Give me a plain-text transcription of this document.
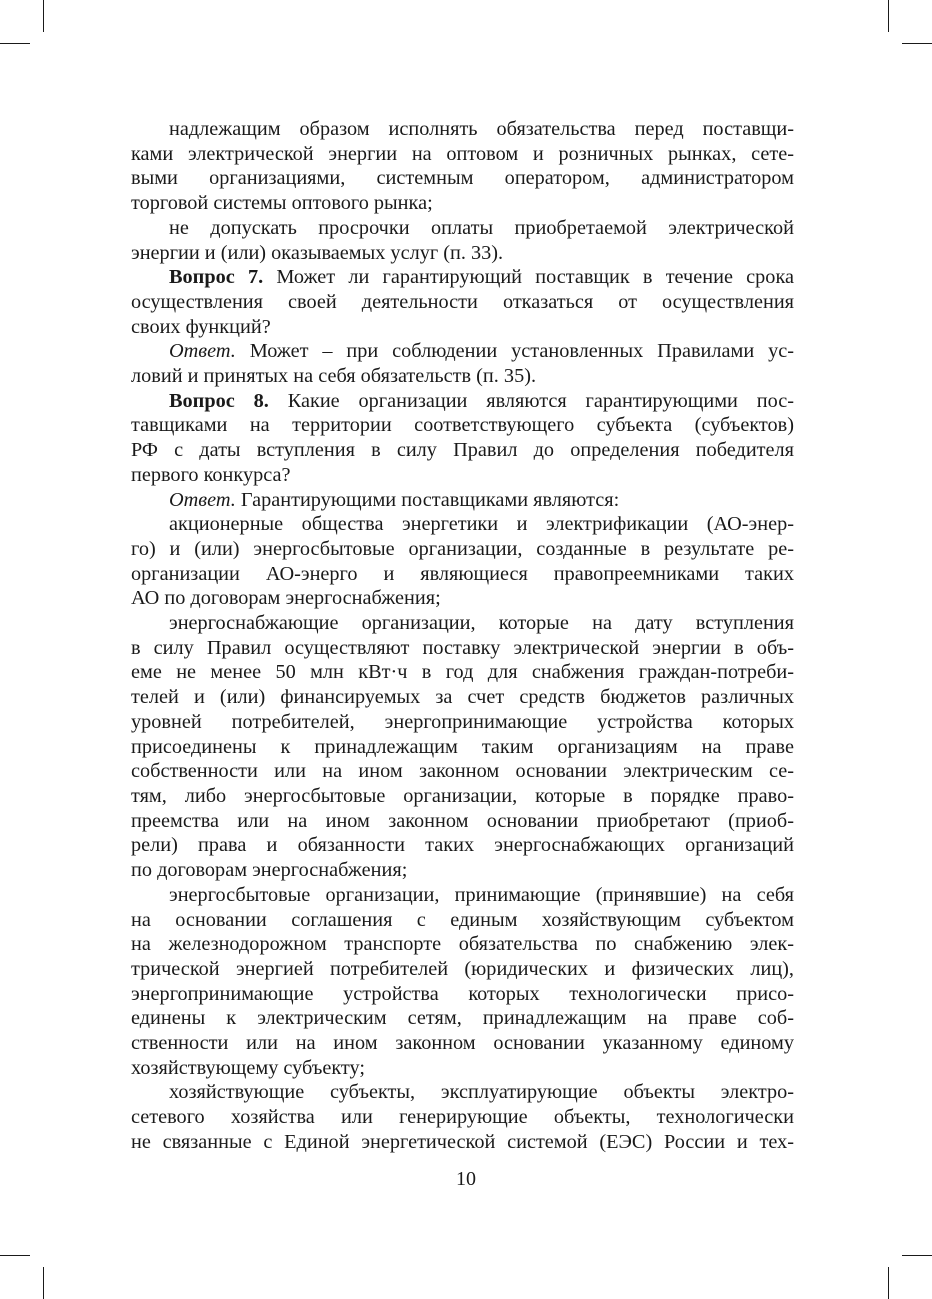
надлежащим образом исполнять обязательства перед поставщи-
ками электрической энергии на оптовом и розничных рынках, сете-
выми организациями, системным оператором, администратором
торговой системы оптового рынка;
не допускать просрочки оплаты приобретаемой электрической
энергии и (или) оказываемых услуг (п. 33).
Вопрос 7. Может ли гарантирующий поставщик в течение срока
осуществления своей деятельности отказаться от осуществления
своих функций?
Ответ. Может – при соблюдении установленных Правилами ус-
ловий и принятых на себя обязательств (п. 35).
Вопрос 8. Какие организации являются гарантирующими пос-
тавщиками на территории соответствующего субъекта (субъектов)
РФ с даты вступления в силу Правил до определения победителя
первого конкурса?
Ответ. Гарантирующими поставщиками являются:
акционерные общества энергетики и электрификации (АО-энер-
го) и (или) энергосбытовые организации, созданные в результате ре-
организации АО-энерго и являющиеся правопреемниками таких
АО по договорам энергоснабжения;
энергоснабжающие организации, которые на дату вступления
в силу Правил осуществляют поставку электрической энергии в объ-
еме не менее 50 млн кВт·ч в год для снабжения граждан-потреби-
телей и (или) финансируемых за счет средств бюджетов различных
уровней потребителей, энергопринимающие устройства которых
присоединены к принадлежащим таким организациям на праве
собственности или на ином законном основании электрическим се-
тям, либо энергосбытовые организации, которые в порядке право-
преемства или на ином законном основании приобретают (приоб-
рели) права и обязанности таких энергоснабжающих организаций
по договорам энергоснабжения;
энергосбытовые организации, принимающие (принявшие) на себя
на основании соглашения с единым хозяйствующим субъектом
на железнодорожном транспорте обязательства по снабжению элек-
трической энергией потребителей (юридических и физических лиц),
энергопринимающие устройства которых технологически присо-
единены к электрическим сетям, принадлежащим на праве соб-
ственности или на ином законном основании указанному единому
хозяйствующему субъекту;
хозяйствующие субъекты, эксплуатирующие объекты электро-
сетевого хозяйства или генерирующие объекты, технологически
не связанные с Единой энергетической системой (ЕЭС) России и тех-
10
